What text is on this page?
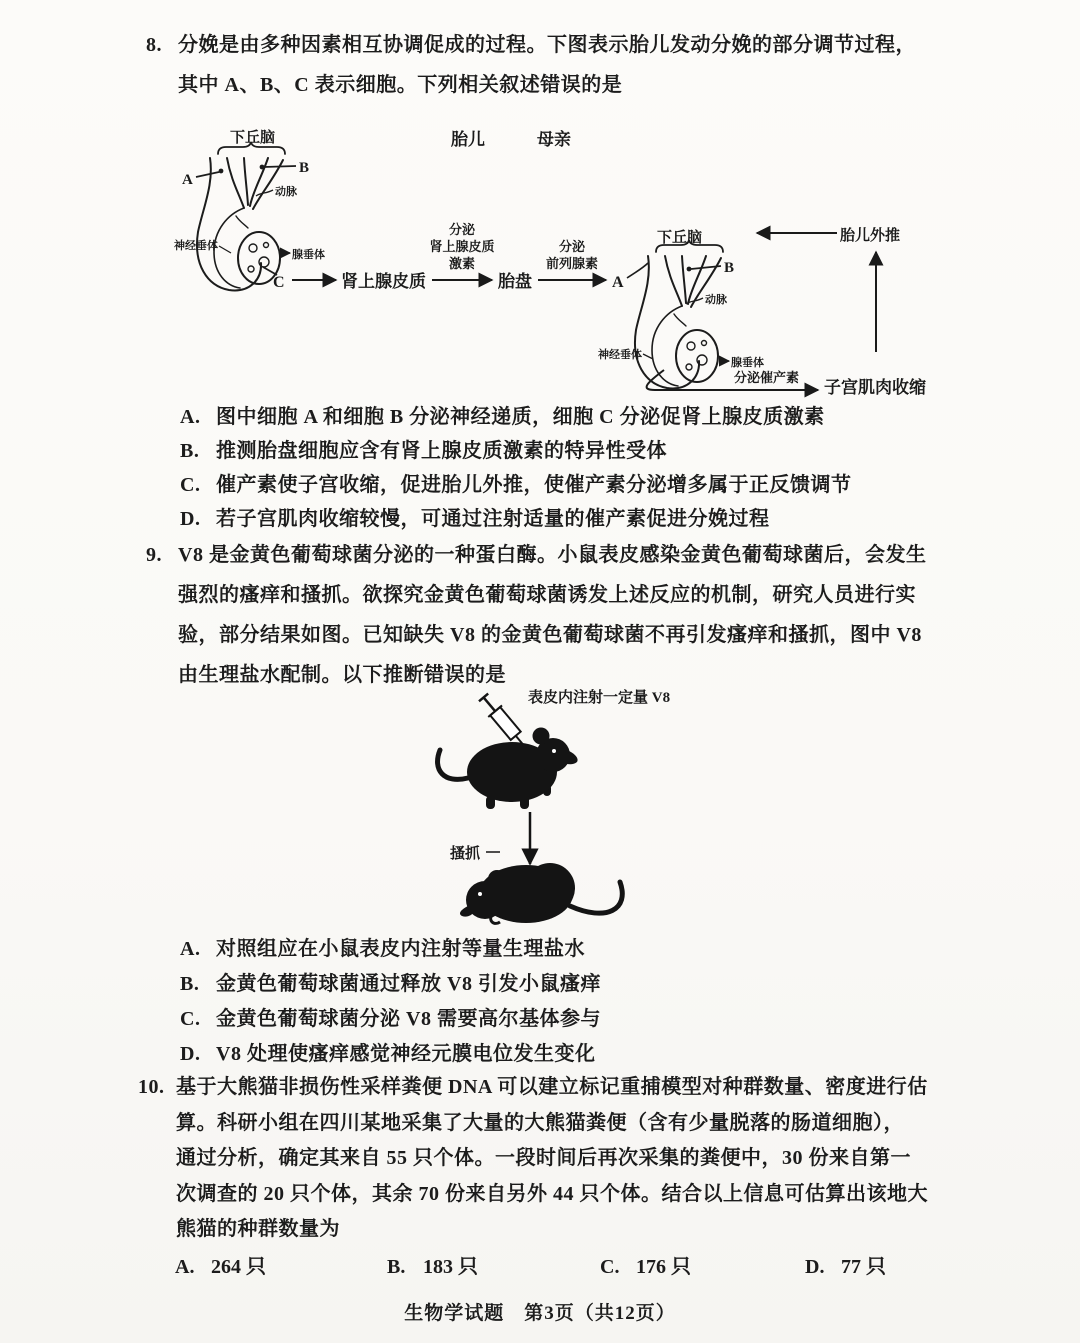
8. 分娩是由多种因素相互协调促成的过程。下图表示胎儿发动分娩的部分调节过程，
其中 A、B、C 表示细胞。下列相关叙述错误的是
胎儿	母亲
下丘脑
A
B
动脉
神经垂体
腺垂体
C	肾上腺皮质
分泌
肾上腺皮质
激素
胎盘
分泌
前列腺素
A
下丘脑
B
动脉
神经垂体
腺垂体
分泌催产素
子宫肌肉收缩
胎儿外推
A. 图中细胞 A 和细胞 B 分泌神经递质，细胞 C 分泌促肾上腺皮质激素
B. 推测胎盘细胞应含有肾上腺皮质激素的特异性受体
C. 催产素使子宫收缩，促进胎儿外推，使催产素分泌增多属于正反馈调节
D. 若子宫肌肉收缩较慢，可通过注射适量的催产素促进分娩过程
9. V8 是金黄色葡萄球菌分泌的一种蛋白酶。小鼠表皮感染金黄色葡萄球菌后，会发生
强烈的瘙痒和搔抓。欲探究金黄色葡萄球菌诱发上述反应的机制，研究人员进行实
验，部分结果如图。已知缺失 V8 的金黄色葡萄球菌不再引发瘙痒和搔抓，图中 V8
由生理盐水配制。以下推断错误的是
表皮内注射一定量 V8
搔抓
A. 对照组应在小鼠表皮内注射等量生理盐水
B. 金黄色葡萄球菌通过释放 V8 引发小鼠瘙痒
C. 金黄色葡萄球菌分泌 V8 需要高尔基体参与
D. V8 处理使瘙痒感觉神经元膜电位发生变化
10. 基于大熊猫非损伤性采样粪便 DNA 可以建立标记重捕模型对种群数量、密度进行估
算。科研小组在四川某地采集了大量的大熊猫粪便（含有少量脱落的肠道细胞），
通过分析，确定其来自 55 只个体。一段时间后再次采集的粪便中，30 份来自第一
次调查的 20 只个体，其余 70 份来自另外 44 只个体。结合以上信息可估算出该地大
熊猫的种群数量为
A. 264 只	B. 183 只	C. 176 只	D. 77 只
生物学试题　第3页（共12页）
